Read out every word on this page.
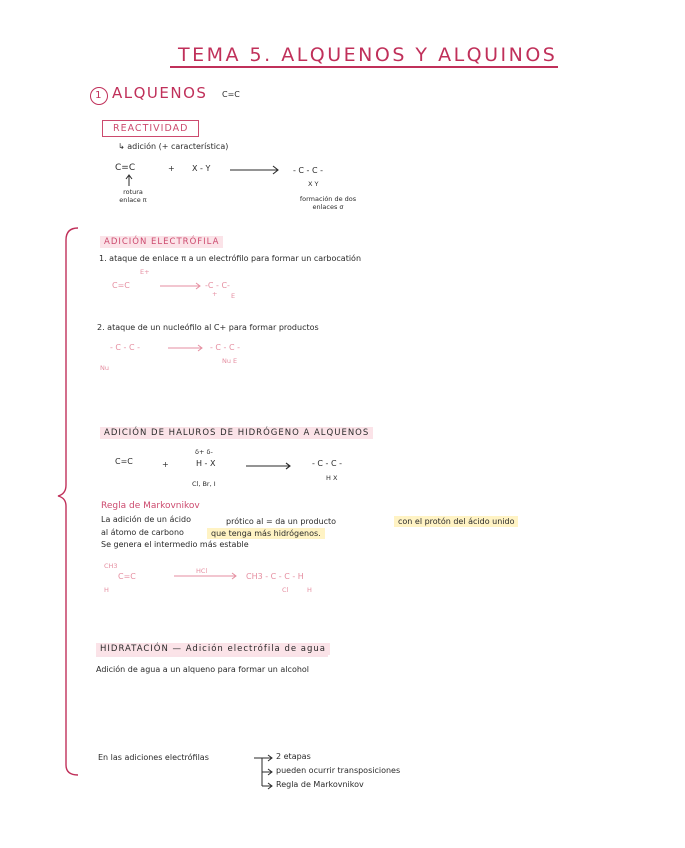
TEMA 5. ALQUENOS Y ALQUINOS
1 ALQUENOS C=C
REACTIVIDAD
↳ adición (+ característica)
C=C	+ X - Y
rotura enlace π
- C - C -
X Y
formación de dos enlaces σ
ADICIÓN ELECTRÓFILA
1. ataque de enlace π a un electrófilo para formar un carbocatión
C=C
E+
-C - C-
+ E
2. ataque de un nucleófilo al C+ para formar productos
- C - C -	- C - C -
Nu E
Nu
ADICIÓN DE HALUROS DE HIDRÓGENO A ALQUENOS
C=C	+
δ+ δ-
H - X
Cl, Br, I
- C - C -
H X
Regla de Markovnikov
La adición de un ácido	prótico al = da un producto	con el protón del ácido unido
al átomo de carbono	que tenga más hidrógenos.
Se genera el intermedio más estable
CH3
C=C
H
HCl
CH3 - C - C - H
Cl	H
HIDRATACIÓN — Adición electrófila de agua
Adición de agua a un alqueno para formar un alcohol
En las adiciones electrófilas	2 etapas
pueden ocurrir transposiciones
Regla de Markovnikov
